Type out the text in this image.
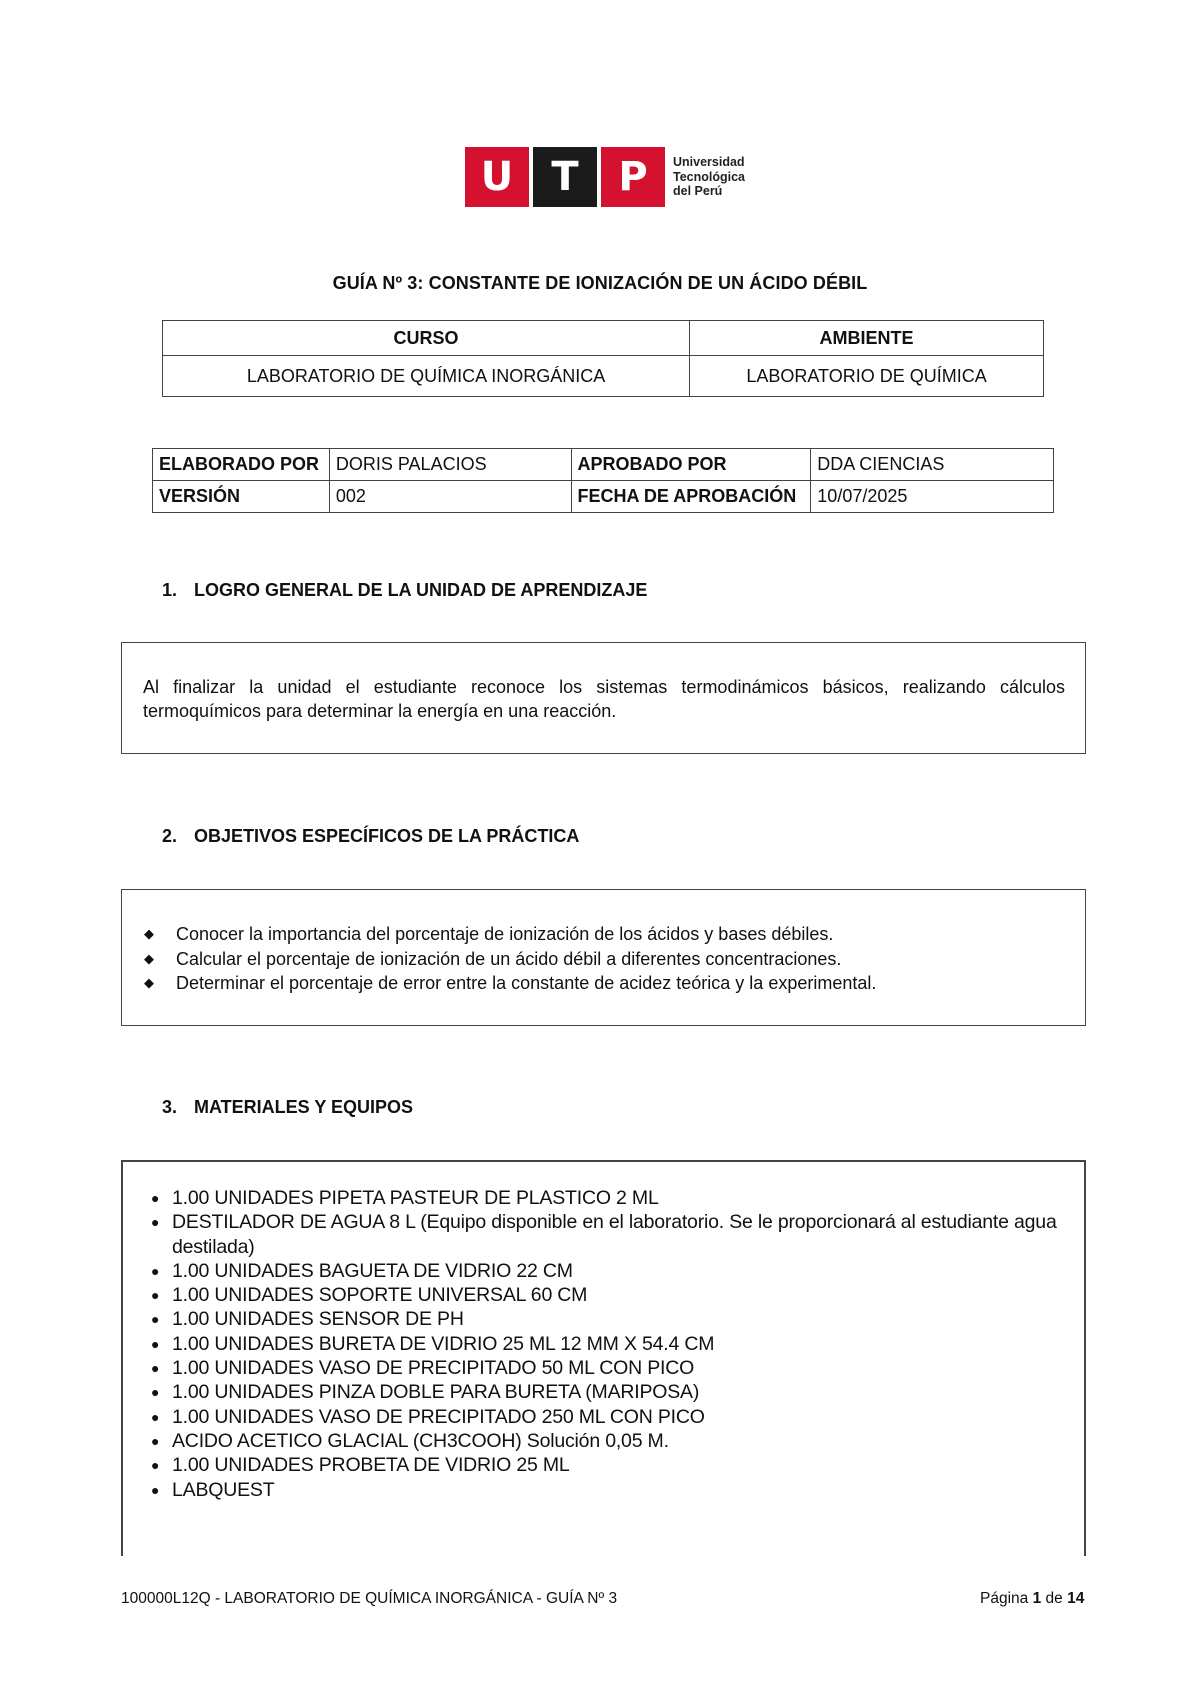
U T P	Universidad
Tecnológica
del Perú
GUÍA Nº 3: CONSTANTE DE IONIZACIÓN DE UN ÁCIDO DÉBIL
CURSO	AMBIENTE
LABORATORIO DE QUÍMICA INORGÁNICA	LABORATORIO DE QUÍMICA
ELABORADO POR	DORIS PALACIOS	APROBADO POR	DDA CIENCIAS
VERSIÓN	002	FECHA DE APROBACIÓN	10/07/2025
1. LOGRO GENERAL DE LA UNIDAD DE APRENDIZAJE
Al finalizar la unidad el estudiante reconoce los sistemas termodinámicos básicos, realizando cálculos termoquímicos para determinar la energía en una reacción.
2. OBJETIVOS ESPECÍFICOS DE LA PRÁCTICA
◆ Conocer la importancia del porcentaje de ionización de los ácidos y bases débiles.
◆ Calcular el porcentaje de ionización de un ácido débil a diferentes concentraciones.
◆ Determinar el porcentaje de error entre la constante de acidez teórica y la experimental.
3. MATERIALES Y EQUIPOS
● 1.00 UNIDADES PIPETA PASTEUR DE PLASTICO 2 ML
● DESTILADOR DE AGUA 8 L (Equipo disponible en el laboratorio. Se le proporcionará al estudiante agua destilada)
● 1.00 UNIDADES BAGUETA DE VIDRIO 22 CM
● 1.00 UNIDADES SOPORTE UNIVERSAL 60 CM
● 1.00 UNIDADES SENSOR DE PH
● 1.00 UNIDADES BURETA DE VIDRIO 25 ML 12 MM X 54.4 CM
● 1.00 UNIDADES VASO DE PRECIPITADO 50 ML CON PICO
● 1.00 UNIDADES PINZA DOBLE PARA BURETA (MARIPOSA)
● 1.00 UNIDADES VASO DE PRECIPITADO 250 ML CON PICO
● ACIDO ACETICO GLACIAL (CH3COOH) Solución 0,05 M.
● 1.00 UNIDADES PROBETA DE VIDRIO 25 ML
● LABQUEST
100000L12Q - LABORATORIO DE QUÍMICA INORGÁNICA - GUÍA Nº 3	Página 1 de 14
